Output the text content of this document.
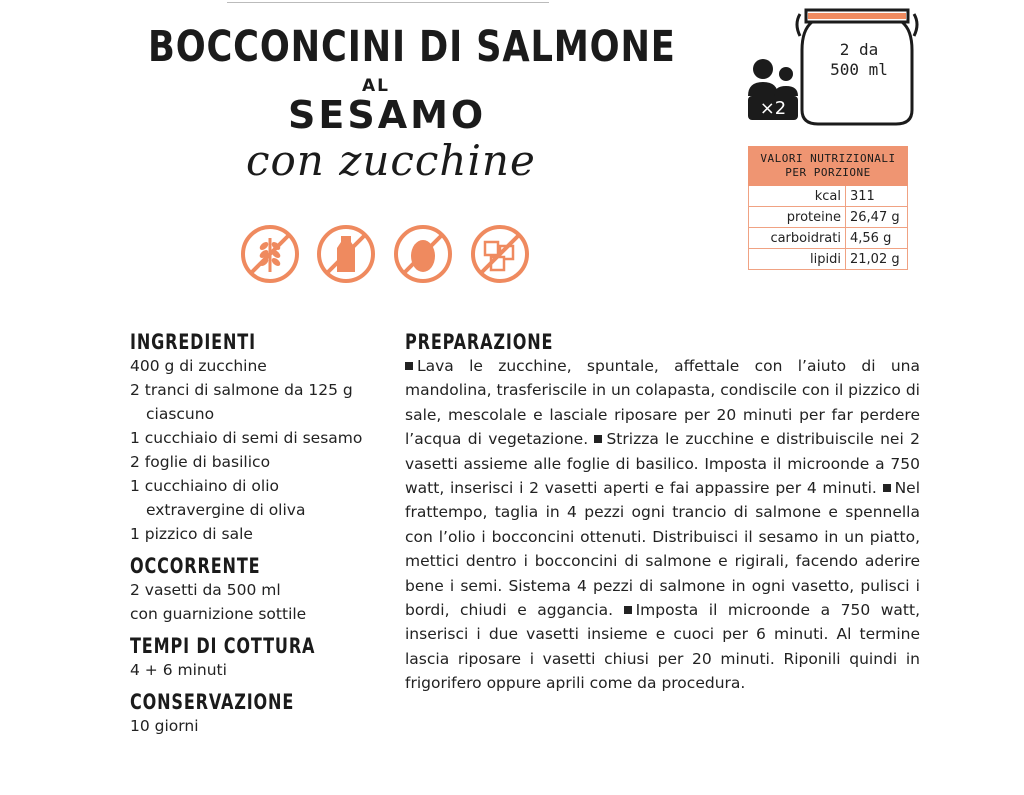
BOCCONCINI DI SALMONE
AL
SESAMO
con zucchine
×2
2 da
500 ml
VALORI NUTRIZIONALI
PER PORZIONE	

kcal	311
proteine	26,47 g
carboidrati	4,56 g
lipidi	21,02 g
INGREDIENTI
400 g di zucchine
2 tranci di salmone da 125 g
ciascuno
1 cucchiaio di semi di sesamo
2 foglie di basilico
1 cucchiaino di olio
extravergine di oliva
1 pizzico di sale
OCCORRENTE
2 vasetti da 500 ml
con guarnizione sottile
TEMPI DI COTTURA
4 + 6 minuti
CONSERVAZIONE
10 giorni
PREPARAZIONE
Lava le zucchine, spuntale, affettale con l’aiuto di una mandolina, trasferiscile in un colapasta, condiscile con il pizzico di sale, mescolale e lasciale riposare per 20 minuti per far perdere l’acqua di vegetazione. Strizza le zucchine e distribuiscile nei 2 vasetti assieme alle foglie di basilico. Imposta il microonde a 750 watt, inserisci i 2 vasetti aperti e fai appassire per 4 minuti. Nel frattempo, taglia in 4 pezzi ogni trancio di salmone e spennella con l’olio i bocconcini ottenuti. Distribuisci il sesamo in un piatto, mettici dentro i bocconcini di salmone e rigirali, facendo aderire bene i semi. Sistema 4 pezzi di salmone in ogni vasetto, pulisci i bordi, chiudi e aggancia. Imposta il microonde a 750 watt, inserisci i due vasetti insieme e cuoci per 6 minuti. Al termine lascia riposare i vasetti chiusi per 20 minuti. Riponili quindi in frigorifero oppure aprili come da procedura.
